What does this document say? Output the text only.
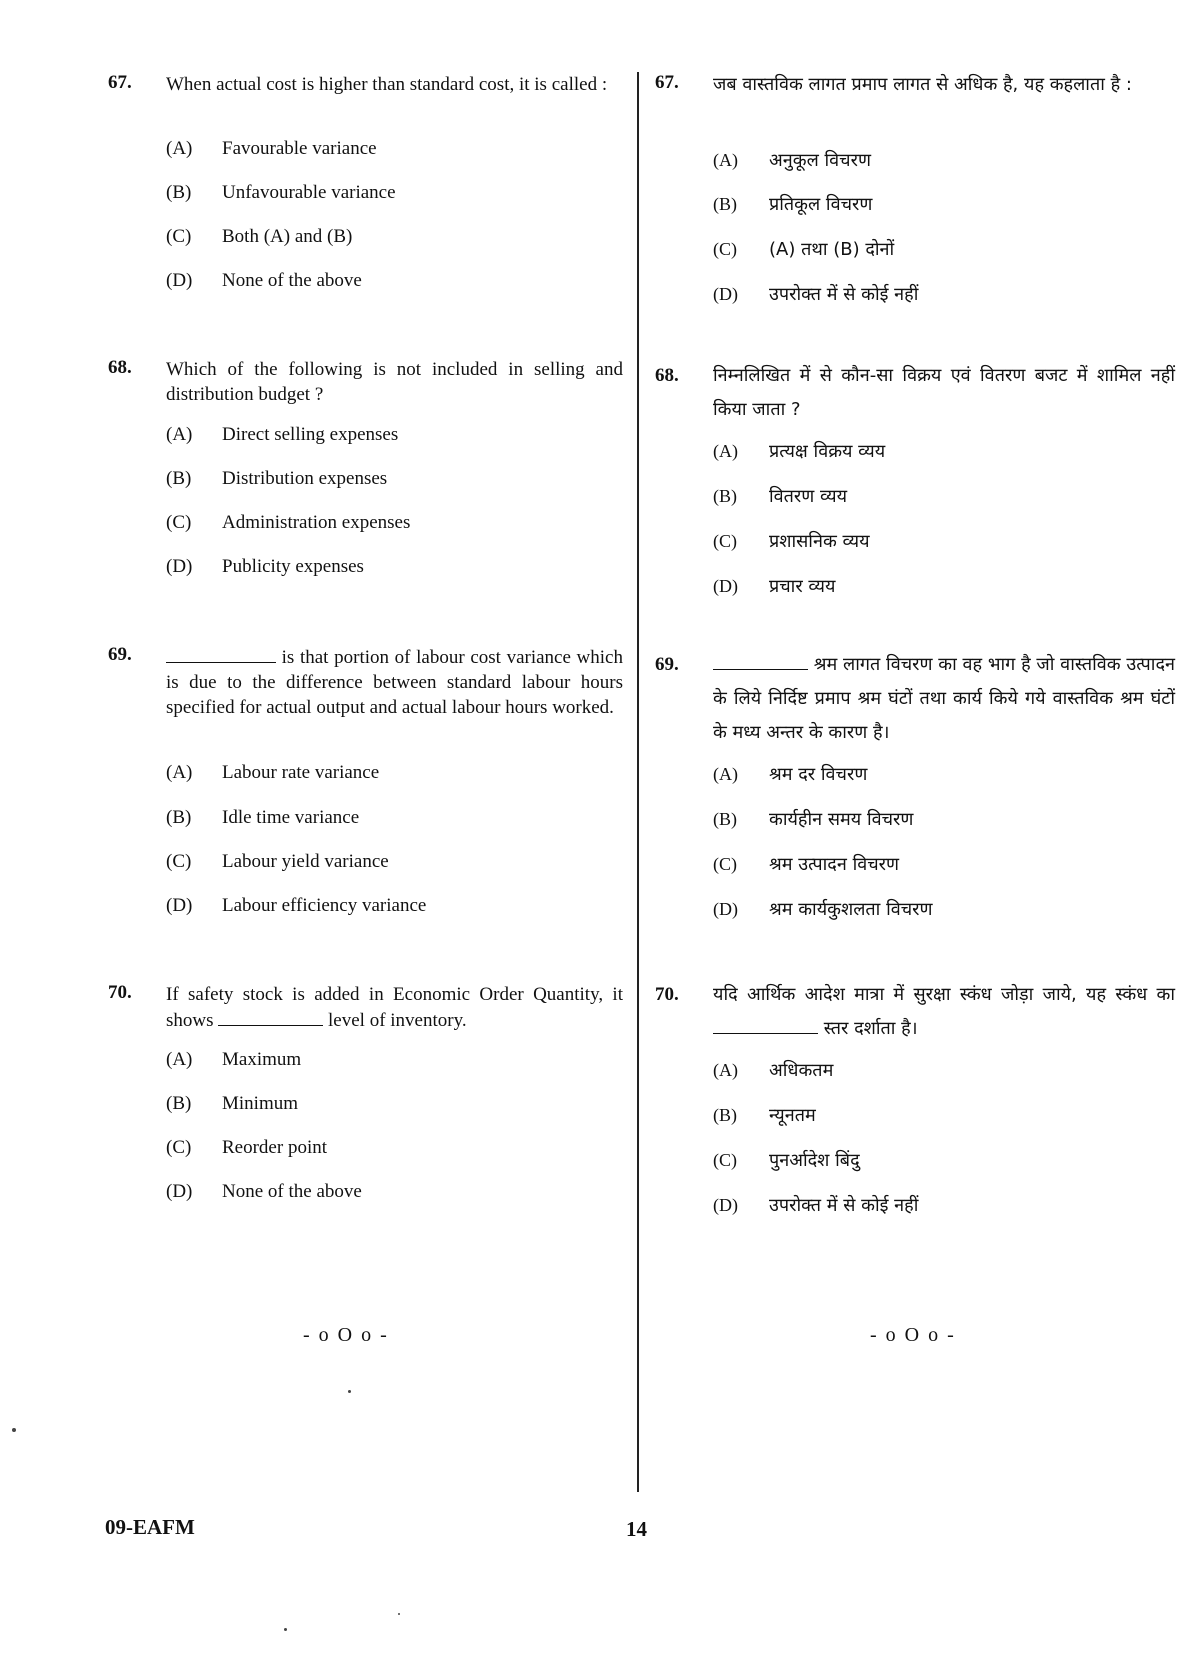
67. When actual cost is higher than standard cost, it is called :
(A) Favourable variance
(B) Unfavourable variance
(C) Both (A) and (B)
(D) None of the above
68. Which of the following is not included in selling and distribution budget ?
(A) Direct selling expenses
(B) Distribution expenses
(C) Administration expenses
(D) Publicity expenses
69.	is that portion of labour cost variance which is due to the difference between standard labour hours specified for actual output and actual labour hours worked.
(A) Labour rate variance
(B) Idle time variance
(C) Labour yield variance
(D) Labour efficiency variance
70. If safety stock is added in Economic Order Quantity, it shows	level of inventory.
(A) Maximum
(B) Minimum
(C) Reorder point
(D) None of the above
- o O o -
67. जब वास्तविक लागत प्रमाप लागत से अधिक है, यह कहलाता है :
(A) अनुकूल विचरण
(B) प्रतिकूल विचरण
(C) (A) तथा (B) दोनों
(D) उपरोक्त में से कोई नहीं
68. निम्नलिखित में से कौन-सा विक्रय एवं वितरण बजट में शामिल नहीं किया जाता ?
(A) प्रत्यक्ष विक्रय व्यय
(B) वितरण व्यय
(C) प्रशासनिक व्यय
(D) प्रचार व्यय
69.	श्रम लागत विचरण का वह भाग है जो वास्तविक उत्पादन के लिये निर्दिष्ट प्रमाप श्रम घंटों तथा कार्य किये गये वास्तविक श्रम घंटों के मध्य अन्तर के कारण है।
(A) श्रम दर विचरण
(B) कार्यहीन समय विचरण
(C) श्रम उत्पादन विचरण
(D) श्रम कार्यकुशलता विचरण
70. यदि आर्थिक आदेश मात्रा में सुरक्षा स्कंध जोड़ा जाये, यह स्कंध का  स्तर दर्शाता है।
(A) अधिकतम
(B) न्यूनतम
(C) पुनर्आदेश बिंदु
(D) उपरोक्त में से कोई नहीं
- o O o -
09-EAFM	14
